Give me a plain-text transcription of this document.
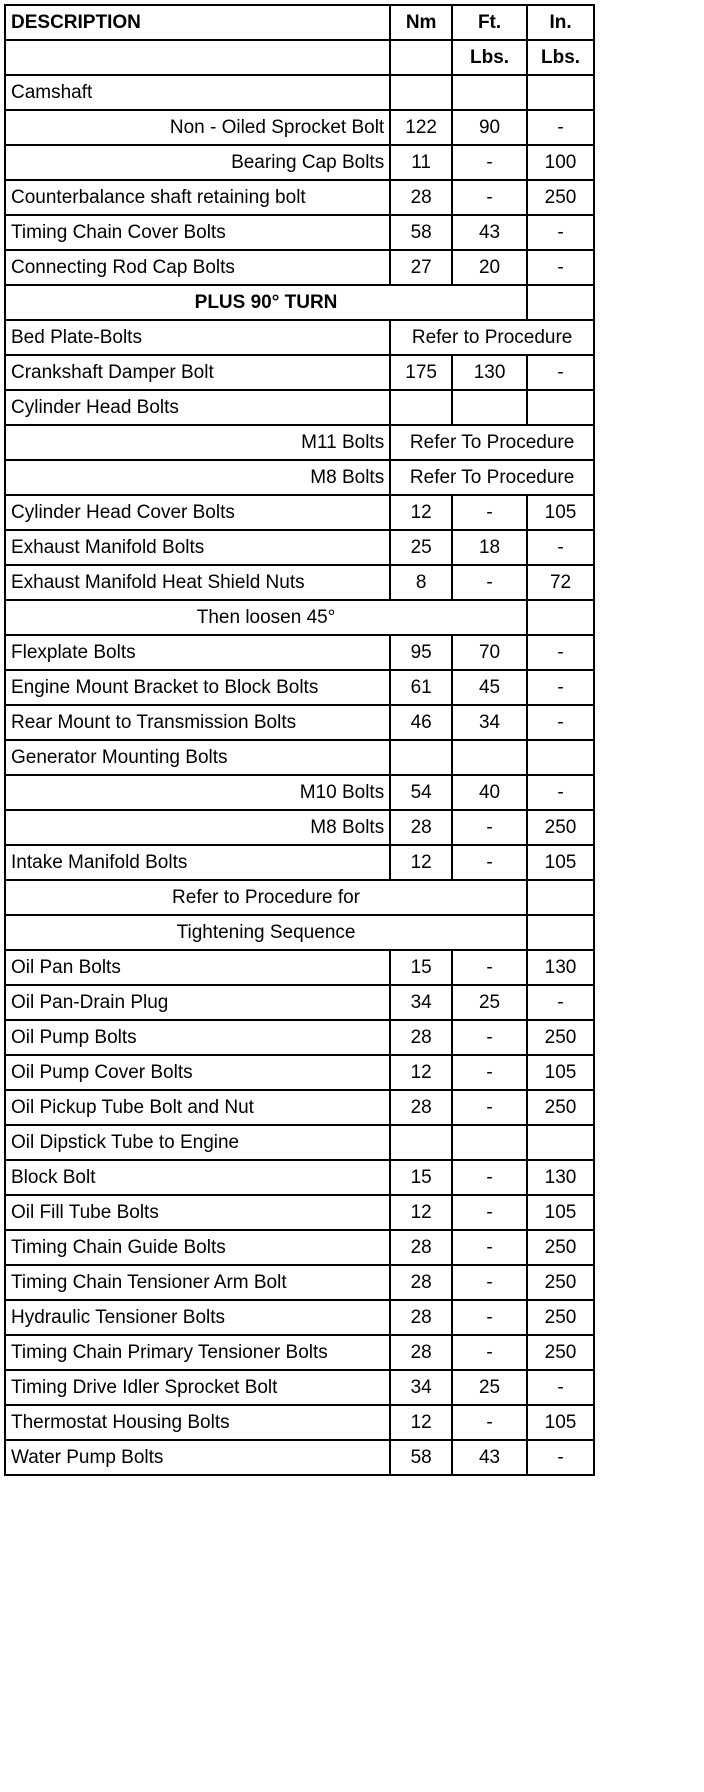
DESCRIPTION	Nm	Ft.	In.
		Lbs.	Lbs.
Camshaft			
Non - Oiled Sprocket Bolt	122	90	-
Bearing Cap Bolts	11	-	100
Counterbalance shaft retaining bolt	28	-	250
Timing Chain Cover Bolts	58	43	-
Connecting Rod Cap Bolts	27	20	-
PLUS 90° TURN			
Bed Plate-Bolts	Refer to Procedure		
Crankshaft Damper Bolt	175	130	-
Cylinder Head Bolts			
M11 Bolts	Refer To Procedure		
M8 Bolts	Refer To Procedure		
Cylinder Head Cover Bolts	12	-	105
Exhaust Manifold Bolts	25	18	-
Exhaust Manifold Heat Shield Nuts	8	-	72
Then loosen 45°			
Flexplate Bolts	95	70	-
Engine Mount Bracket to Block Bolts	61	45	-
Rear Mount to Transmission Bolts	46	34	-
Generator Mounting Bolts			
M10 Bolts	54	40	-
M8 Bolts	28	-	250
Intake Manifold Bolts	12	-	105
Refer to Procedure for			
Tightening Sequence			
Oil Pan Bolts	15	-	130
Oil Pan-Drain Plug	34	25	-
Oil Pump Bolts	28	-	250
Oil Pump Cover Bolts	12	-	105
Oil Pickup Tube Bolt and Nut	28	-	250
Oil Dipstick Tube to Engine			
Block Bolt	15	-	130
Oil Fill Tube Bolts	12	-	105
Timing Chain Guide Bolts	28	-	250
Timing Chain Tensioner Arm Bolt	28	-	250
Hydraulic Tensioner Bolts	28	-	250
Timing Chain Primary Tensioner Bolts	28	-	250
Timing Drive Idler Sprocket Bolt	34	25	-
Thermostat Housing Bolts	12	-	105
Water Pump Bolts	58	43	-
